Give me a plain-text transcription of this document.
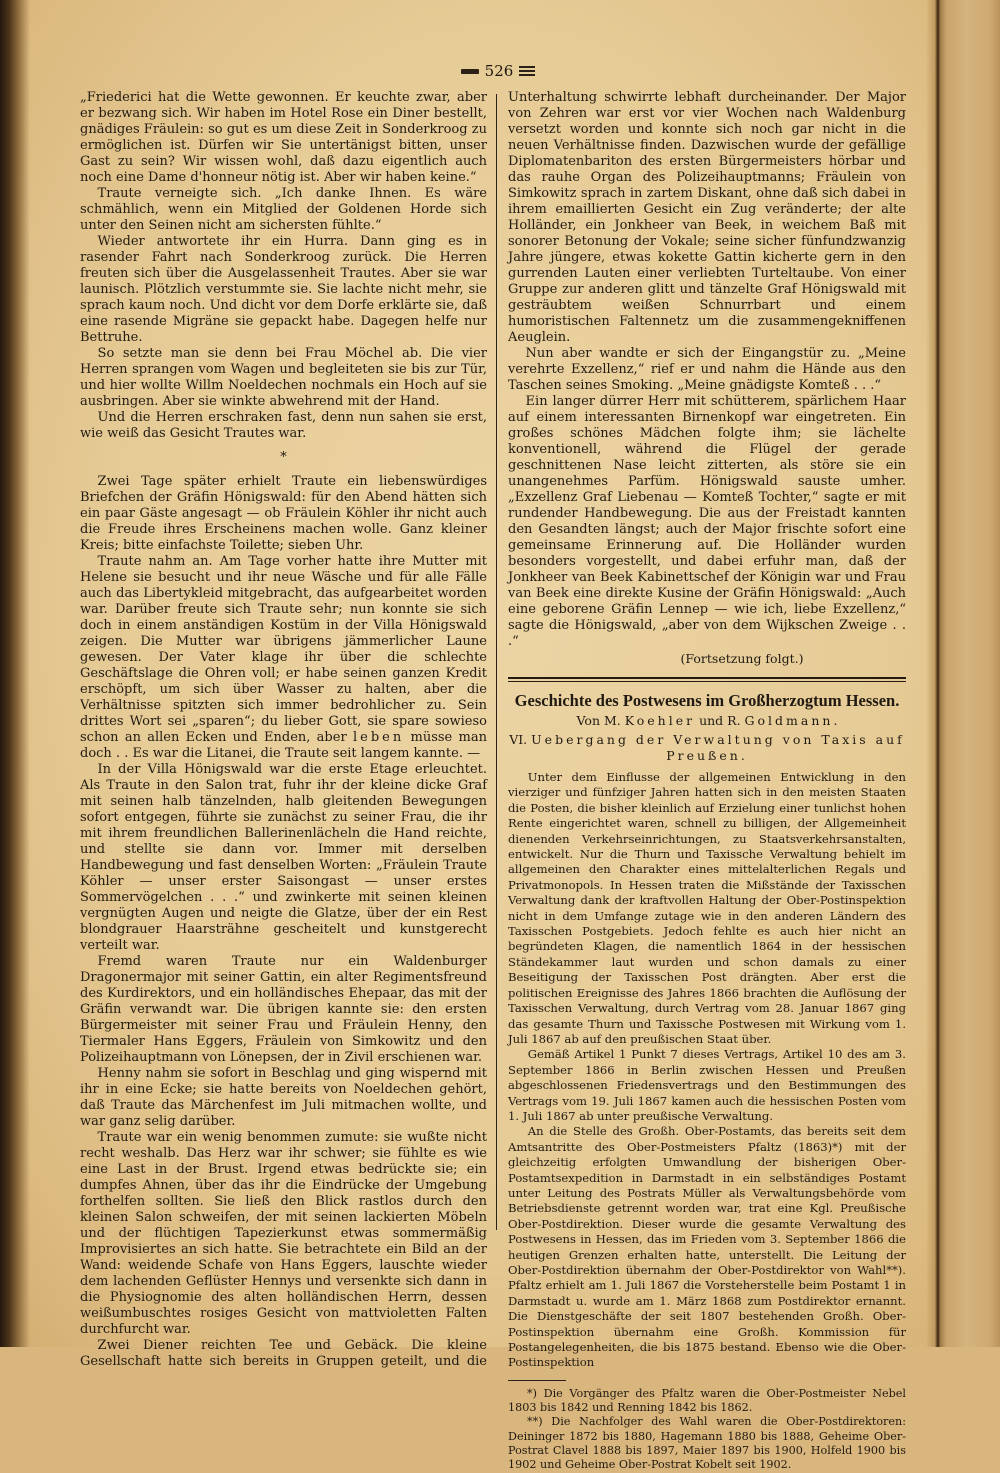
526

„Friederici hat die Wette gewonnen. Er keuchte zwar, aber er bezwang sich. Wir haben im Hotel Rose ein Diner bestellt, gnädiges Fräulein: so gut es um diese Zeit in Sonderkroog zu ermöglichen ist. Dürfen wir Sie untertänigst bitten, unser Gast zu sein? Wir wissen wohl, daß dazu eigentlich auch noch eine Dame d'honneur nötig ist. Aber wir haben keine.“

Traute verneigte sich. „Ich danke Ihnen. Es wäre schmählich, wenn ein Mitglied der Goldenen Horde sich unter den Seinen nicht am sichersten fühlte.“

Wieder antwortete ihr ein Hurra. Dann ging es in rasender Fahrt nach Sonderkroog zurück. Die Herren freuten sich über die Ausgelassenheit Trautes. Aber sie war launisch. Plötzlich verstummte sie. Sie lachte nicht mehr, sie sprach kaum noch. Und dicht vor dem Dorfe erklärte sie, daß eine rasende Migräne sie gepackt habe. Dagegen helfe nur Bettruhe.

So setzte man sie denn bei Frau Möchel ab. Die vier Herren sprangen vom Wagen und begleiteten sie bis zur Tür, und hier wollte Willm Noeldechen nochmals ein Hoch auf sie ausbringen. Aber sie winkte abwehrend mit der Hand.

Und die Herren erschraken fast, denn nun sahen sie erst, wie weiß das Gesicht Trautes war.

*

Zwei Tage später erhielt Traute ein liebenswürdiges Briefchen der Gräfin Hönigswald: für den Abend hätten sich ein paar Gäste angesagt — ob Fräulein Köhler ihr nicht auch die Freude ihres Erscheinens machen wolle. Ganz kleiner Kreis; bitte einfachste Toilette; sieben Uhr.

Traute nahm an. Am Tage vorher hatte ihre Mutter mit Helene sie besucht und ihr neue Wäsche und für alle Fälle auch das Libertykleid mitgebracht, das aufgearbeitet worden war. Darüber freute sich Traute sehr; nun konnte sie sich doch in einem anständigen Kostüm in der Villa Hönigswald zeigen. Die Mutter war übrigens jämmerlicher Laune gewesen. Der Vater klage ihr über die schlechte Geschäftslage die Ohren voll; er habe seinen ganzen Kredit erschöpft, um sich über Wasser zu halten, aber die Verhältnisse spitzten sich immer bedrohlicher zu. Sein drittes Wort sei „sparen“; du lieber Gott, sie spare sowieso schon an allen Ecken und Enden, aber leben müsse man doch . . Es war die Litanei, die Traute seit langem kannte. —

In der Villa Hönigswald war die erste Etage erleuchtet. Als Traute in den Salon trat, fuhr ihr der kleine dicke Graf mit seinen halb tänzelnden, halb gleitenden Bewegungen sofort entgegen, führte sie zunächst zu seiner Frau, die ihr mit ihrem freundlichen Ballerinenlächeln die Hand reichte, und stellte sie dann vor. Immer mit derselben Handbewegung und fast denselben Worten: „Fräulein Traute Köhler — unser erster Saisongast — unser erstes Sommervögelchen . . .“ und zwinkerte mit seinen kleinen vergnügten Augen und neigte die Glatze, über der ein Rest blondgrauer Haarsträhne gescheitelt und kunstgerecht verteilt war.

Fremd waren Traute nur ein Waldenburger Dragonermajor mit seiner Gattin, ein alter Regimentsfreund des Kurdirektors, und ein holländisches Ehepaar, das mit der Gräfin verwandt war. Die übrigen kannte sie: den ersten Bürgermeister mit seiner Frau und Fräulein Henny, den Tiermaler Hans Eggers, Fräulein von Simkowitz und den Polizeihauptmann von Lönepsen, der in Zivil erschienen war.

Henny nahm sie sofort in Beschlag und ging wispernd mit ihr in eine Ecke; sie hatte bereits von Noeldechen gehört, daß Traute das Märchenfest im Juli mitmachen wollte, und war ganz selig darüber.

Traute war ein wenig benommen zumute: sie wußte nicht recht weshalb. Das Herz war ihr schwer; sie fühlte es wie eine Last in der Brust. Irgend etwas bedrückte sie; ein dumpfes Ahnen, über das ihr die Eindrücke der Umgebung forthelfen sollten. Sie ließ den Blick rastlos durch den kleinen Salon schweifen, der mit seinen lackierten Möbeln und der flüchtigen Tapezierkunst etwas sommermäßig Improvisiertes an sich hatte. Sie betrachtete ein Bild an der Wand: weidende Schafe von Hans Eggers, lauschte wieder dem lachenden Geflüster Hennys und versenkte sich dann in die Physiognomie des alten holländischen Herrn, dessen weißumbuschtes rosiges Gesicht von mattvioletten Falten durchfurcht war.

Zwei Diener reichten Tee und Gebäck. Die kleine Gesellschaft hatte sich bereits in Gruppen geteilt, und die

Unterhaltung schwirrte lebhaft durcheinander. Der Major von Zehren war erst vor vier Wochen nach Waldenburg versetzt worden und konnte sich noch gar nicht in die neuen Verhältnisse finden. Dazwischen wurde der gefällige Diplomatenbariton des ersten Bürgermeisters hörbar und das rauhe Organ des Polizeihauptmanns; Fräulein von Simkowitz sprach in zartem Diskant, ohne daß sich dabei in ihrem emaillierten Gesicht ein Zug veränderte; der alte Holländer, ein Jonkheer van Beek, in weichem Baß mit sonorer Betonung der Vokale; seine sicher fünfundzwanzig Jahre jüngere, etwas kokette Gattin kicherte gern in den gurrenden Lauten einer verliebten Turteltaube. Von einer Gruppe zur anderen glitt und tänzelte Graf Hönigswald mit gesträubtem weißen Schnurrbart und einem humoristischen Faltennetz um die zusammengekniffenen Aeuglein.

Nun aber wandte er sich der Eingangstür zu. „Meine verehrte Exzellenz,“ rief er und nahm die Hände aus den Taschen seines Smoking. „Meine gnädigste Komteß . . .“

Ein langer dürrer Herr mit schütterem, spärlichem Haar auf einem interessanten Birnenkopf war eingetreten. Ein großes schönes Mädchen folgte ihm; sie lächelte konventionell, während die Flügel der gerade geschnittenen Nase leicht zitterten, als störe sie ein unangenehmes Parfüm. Hönigswald sauste umher. „Exzellenz Graf Liebenau — Komteß Tochter,“ sagte er mit rundender Handbewegung. Die aus der Freistadt kannten den Gesandten längst; auch der Major frischte sofort eine gemeinsame Erinnerung auf. Die Holländer wurden besonders vorgestellt, und dabei erfuhr man, daß der Jonkheer van Beek Kabinettschef der Königin war und Frau van Beek eine direkte Kusine der Gräfin Hönigswald: „Auch eine geborene Gräfin Lennep — wie ich, liebe Exzellenz,“ sagte die Hönigswald, „aber von dem Wijkschen Zweige . . .“

(Fortsetzung folgt.)
Geschichte des Postwesens im Großherzogtum Hessen.
Von M. Koehler und R. Goldmann.
VI. Uebergang der Verwaltung von Taxis auf Preußen.

Unter dem Einflusse der allgemeinen Entwicklung in den vierziger und fünfziger Jahren hatten sich in den meisten Staaten die Posten, die bisher kleinlich auf Erzielung einer tunlichst hohen Rente eingerichtet waren, schnell zu billigen, der Allgemeinheit dienenden Verkehrseinrichtungen, zu Staatsverkehrsanstalten, entwickelt. Nur die Thurn und Taxissche Verwaltung behielt im allgemeinen den Charakter eines mittelalterlichen Regals und Privatmonopols. In Hessen traten die Mißstände der Taxisschen Verwaltung dank der kraftvollen Haltung der Ober-Postinspektion nicht in dem Umfange zutage wie in den anderen Ländern des Taxisschen Postgebiets. Jedoch fehlte es auch hier nicht an begründeten Klagen, die namentlich 1864 in der hessischen Ständekammer laut wurden und schon damals zu einer Beseitigung der Taxisschen Post drängten. Aber erst die politischen Ereignisse des Jahres 1866 brachten die Auflösung der Taxisschen Verwaltung, durch Vertrag vom 28. Januar 1867 ging das gesamte Thurn und Taxissche Postwesen mit Wirkung vom 1. Juli 1867 ab auf den preußischen Staat über.

Gemäß Artikel 1 Punkt 7 dieses Vertrags, Artikel 10 des am 3. September 1866 in Berlin zwischen Hessen und Preußen abgeschlossenen Friedensvertrags und den Bestimmungen des Vertrags vom 19. Juli 1867 kamen auch die hessischen Posten vom 1. Juli 1867 ab unter preußische Verwaltung.

An die Stelle des Großh. Ober-Postamts, das bereits seit dem Amtsantritte des Ober-Postmeisters Pfaltz (1863)*) mit der gleichzeitig erfolgten Umwandlung der bisherigen Ober-Postamtsexpedition in Darmstadt in ein selbständiges Postamt unter Leitung des Postrats Müller als Verwaltungsbehörde vom Betriebsdienste getrennt worden war, trat eine Kgl. Preußische Ober-Postdirektion. Dieser wurde die gesamte Verwaltung des Postwesens in Hessen, das im Frieden vom 3. September 1866 die heutigen Grenzen erhalten hatte, unterstellt. Die Leitung der Ober-Postdirektion übernahm der Ober-Postdirektor von Wahl**). Pfaltz erhielt am 1. Juli 1867 die Vorsteherstelle beim Postamt 1 in Darmstadt u. wurde am 1. März 1868 zum Postdirektor ernannt. Die Dienstgeschäfte der seit 1807 bestehenden Großh. Ober-Postinspektion übernahm eine Großh. Kommission für Postangelegenheiten, die bis 1875 bestand. Ebenso wie die Ober-Postinspektion

*) Die Vorgänger des Pfaltz waren die Ober-Postmeister Nebel 1803 bis 1842 und Renning 1842 bis 1862.

**) Die Nachfolger des Wahl waren die Ober-Postdirektoren: Deininger 1872 bis 1880, Hagemann 1880 bis 1888, Geheime Ober-Postrat Clavel 1888 bis 1897, Maier 1897 bis 1900, Holfeld 1900 bis 1902 und Geheime Ober-Postrat Kobelt seit 1902.
